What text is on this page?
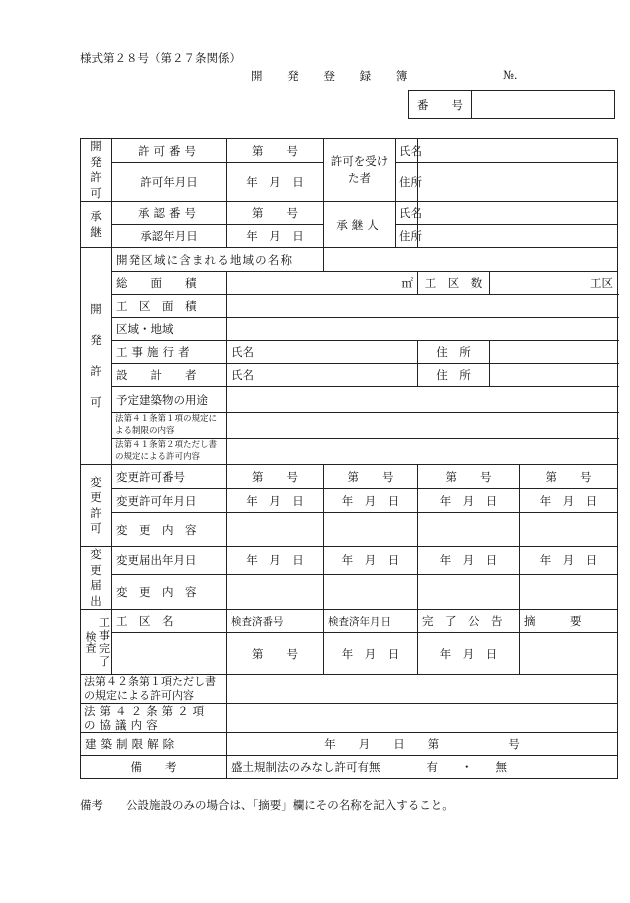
様式第２８号（第２７条関係）
開　　発　　登　　録　　簿	№.
番　　号	
開
発
許
可	許可番号	第　　号	許可を受けた者	氏名			
	許可年月日	年　月　日		住所			

承
継	承認番号	第　　号	承継人	氏名			
	承認年月日	年　月　日		住所			

開

発

許

可	開発区域に含まれる地域の名称						
	総　　面　　積	㎡			工　区　数	工区	
	工　区　面　積						
	区域・地域						
	工事施行者	氏名			住　所		
	設　　計　　者	氏名			住　所		
	予定建築物の用途						
	法第４１条第１項の規定による制限の内容						
	法第４１条第２項ただし書の規定による許可内容						

変
更
許
可	変更許可番号	第　　号	第　　号		第　　号		第　　号
	変更許可年月日	年　月　日	年　月　日		年　月　日		年　月　日
	変　更　内　容						

変
更
届
出	変更届出年月日	年　月　日	年　月　日		年　月　日		年　月　日
	変　更　内　容						

検査
工
事
完
了	工　区　名	検査済番号	検査済年月日		完　了　公　告		摘　　　要
		第　　号	年　月　日		年　月　日		
法第４２条第１項ただし書の規定による許可内容							
法第４２条第２項の協議内容							
建築制限解除		年　　月　　日　　第　　　　　　号					
備　　考		盛土規制法のみなし許可有無　　　　有　　・　　無					
備考　　公設施設のみの場合は、「摘要」欄にその名称を記入すること。
